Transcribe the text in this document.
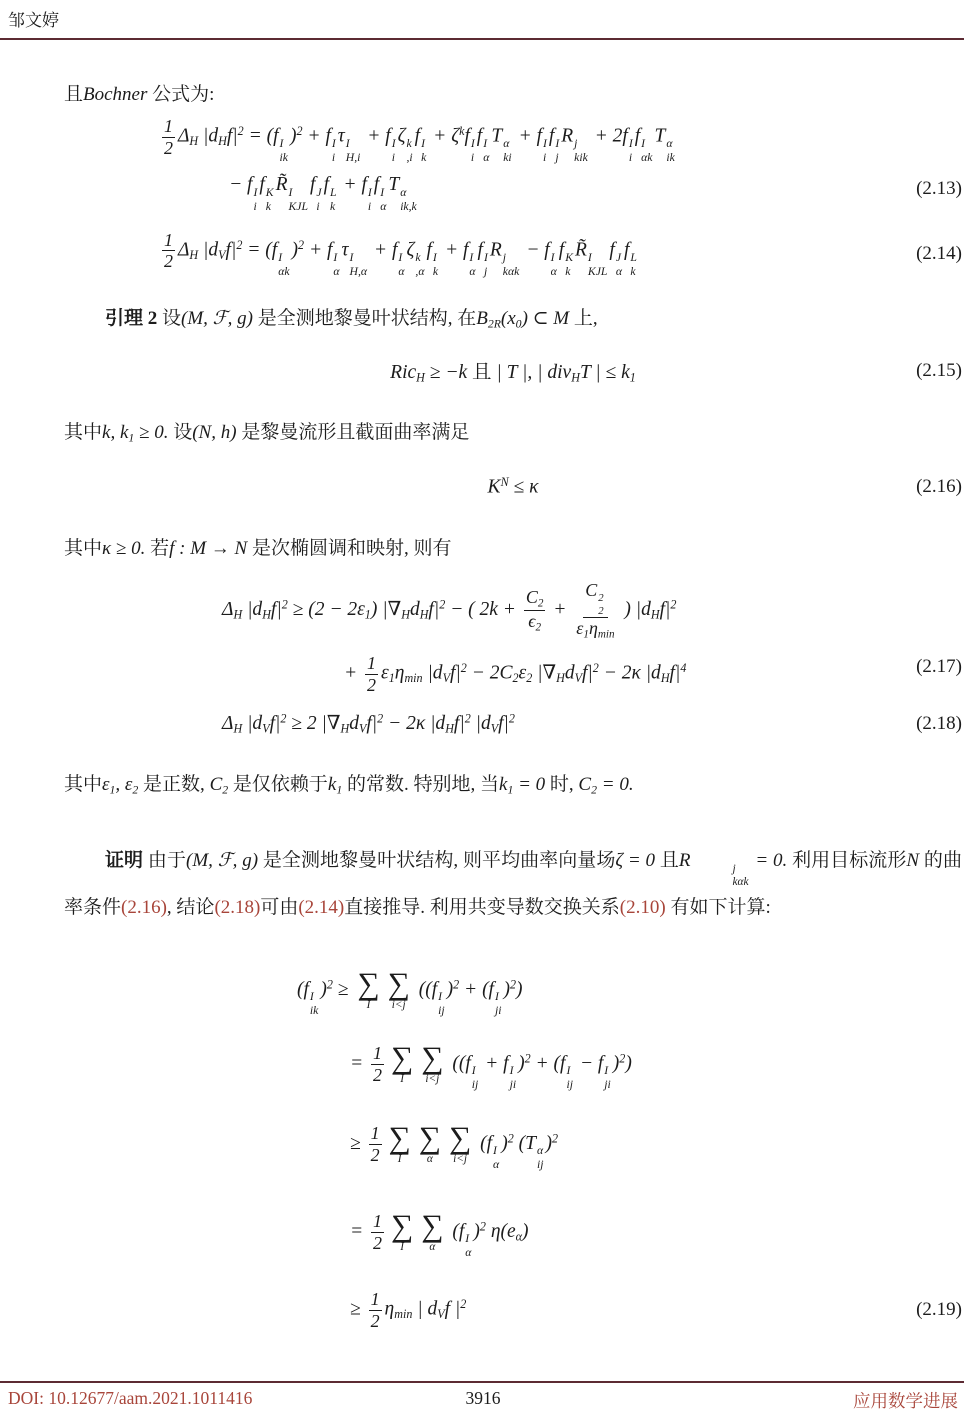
邹文婷
且Bochner 公式为:
$\frac{1}{2} \Delta_H$ $|d_Hf|^2 = (f$ I
ik
)$^2$ + f I
i
τ I
H,i
+ f I
i
ζ k
,i
f I
k
+ $\zeta^kf$ I
i
f I
α
T α
ki
+ f I
i
f I
j
R j
kik
+ 2f I
i
f I
αk
T α
ik
− f I
i
f K
k
R̃ I
KJL
f J
i
f L
k
+ f I
i
f I
α
T α
ik,k
(2.13)
$\frac{1}{2} \Delta_H$ $|d_Vf|^2 = (f$ I
αk
)$^2$ + f I
α
τ I
H,α
+ f I
α
ζ k
,α
f I
k
+ f I
α
f I
j
R j
kαk
− f I
α
f K
k
R̃ I
KJL
f J
α
f L
k
(2.14)
引理 2 设(M, ℱ, g) 是全测地黎曼叶状结构, 在$B_{2R}(x_0)$ ⊂ M 上,
Ric$_H$ ≥ −k 且 | T |, | div$_H$T | ≤ $k_1$	(2.15)
其中k, $k_1 \ge 0$. 设(N, h) 是黎曼流形且截面曲率满足
$K^N \le \kappa$	(2.16)
其中κ ≥ 0. 若f : M → N 是次椭圆调和映射, 则有
$\Delta_H$ $|d_Hf|^2 \ge (2 - 2\varepsilon_1) |\nabla_Hd_Hf|^2$ − ( $2k + \frac{C_2}{\epsilon_2} + C$ 2
2
$\varepsilon_1\eta_{min}$ ) $|d_Hf|^2$
+ $\frac{1}{2} \varepsilon_1\eta_{min}$ $|d_Vf|^2 - 2C_2\varepsilon_2$ $|\nabla_Hd_Vf|^2 - 2\kappa$ $|d_Hf|^4$	(2.17)
$\Delta_H$ $|d_Vf|^2 \ge 2$ $|\nabla_Hd_Vf|^2 - 2\kappa$ $|d_Hf|^2$ $|d_Vf|^2$	(2.18)
其中$\varepsilon_1$, $\varepsilon_2$ 是正数, $C_2$ 是仅依赖于$k_1$ 的常数. 特别地, 当$k_1 = 0$ 时, $C_2 = 0$.
证明 由于(M, ℱ, g) 是全测地黎曼叶状结构, 则平均曲率向量场ζ = 0 且R	j
kαk
= 0. 利用目标流形N 的曲率条件(2.16), 结论(2.18)可由(2.14)直接推导. 利用共变导数交换关系(2.10) 有如下计算:
(f I
ik
)$^2$ ≥ ∑
I
∑
i<j
((f I
ij
)$^2$ + (f I
ji
)$^2$)
= $\frac{1}{2}$ ∑
I
∑
i<j
((f I
ij
+ f I
ji
)$^2$ + (f I
ij
− f I
ji
)$^2$)
≥ $\frac{1}{2}$ ∑
I
∑
α
∑
i<j
(f I
α
)$^2$ (T α
ij
)$^2$
= $\frac{1}{2}$ ∑
I
∑
α
(f I
α
)$^2$ $\eta(e_\alpha)$
≥ $\frac{1}{2} \eta_{min}$ | $d_Vf$ $|^2$	(2.19)
DOI: 10.12677/aam.2021.1011416	3916	应用数学进展
